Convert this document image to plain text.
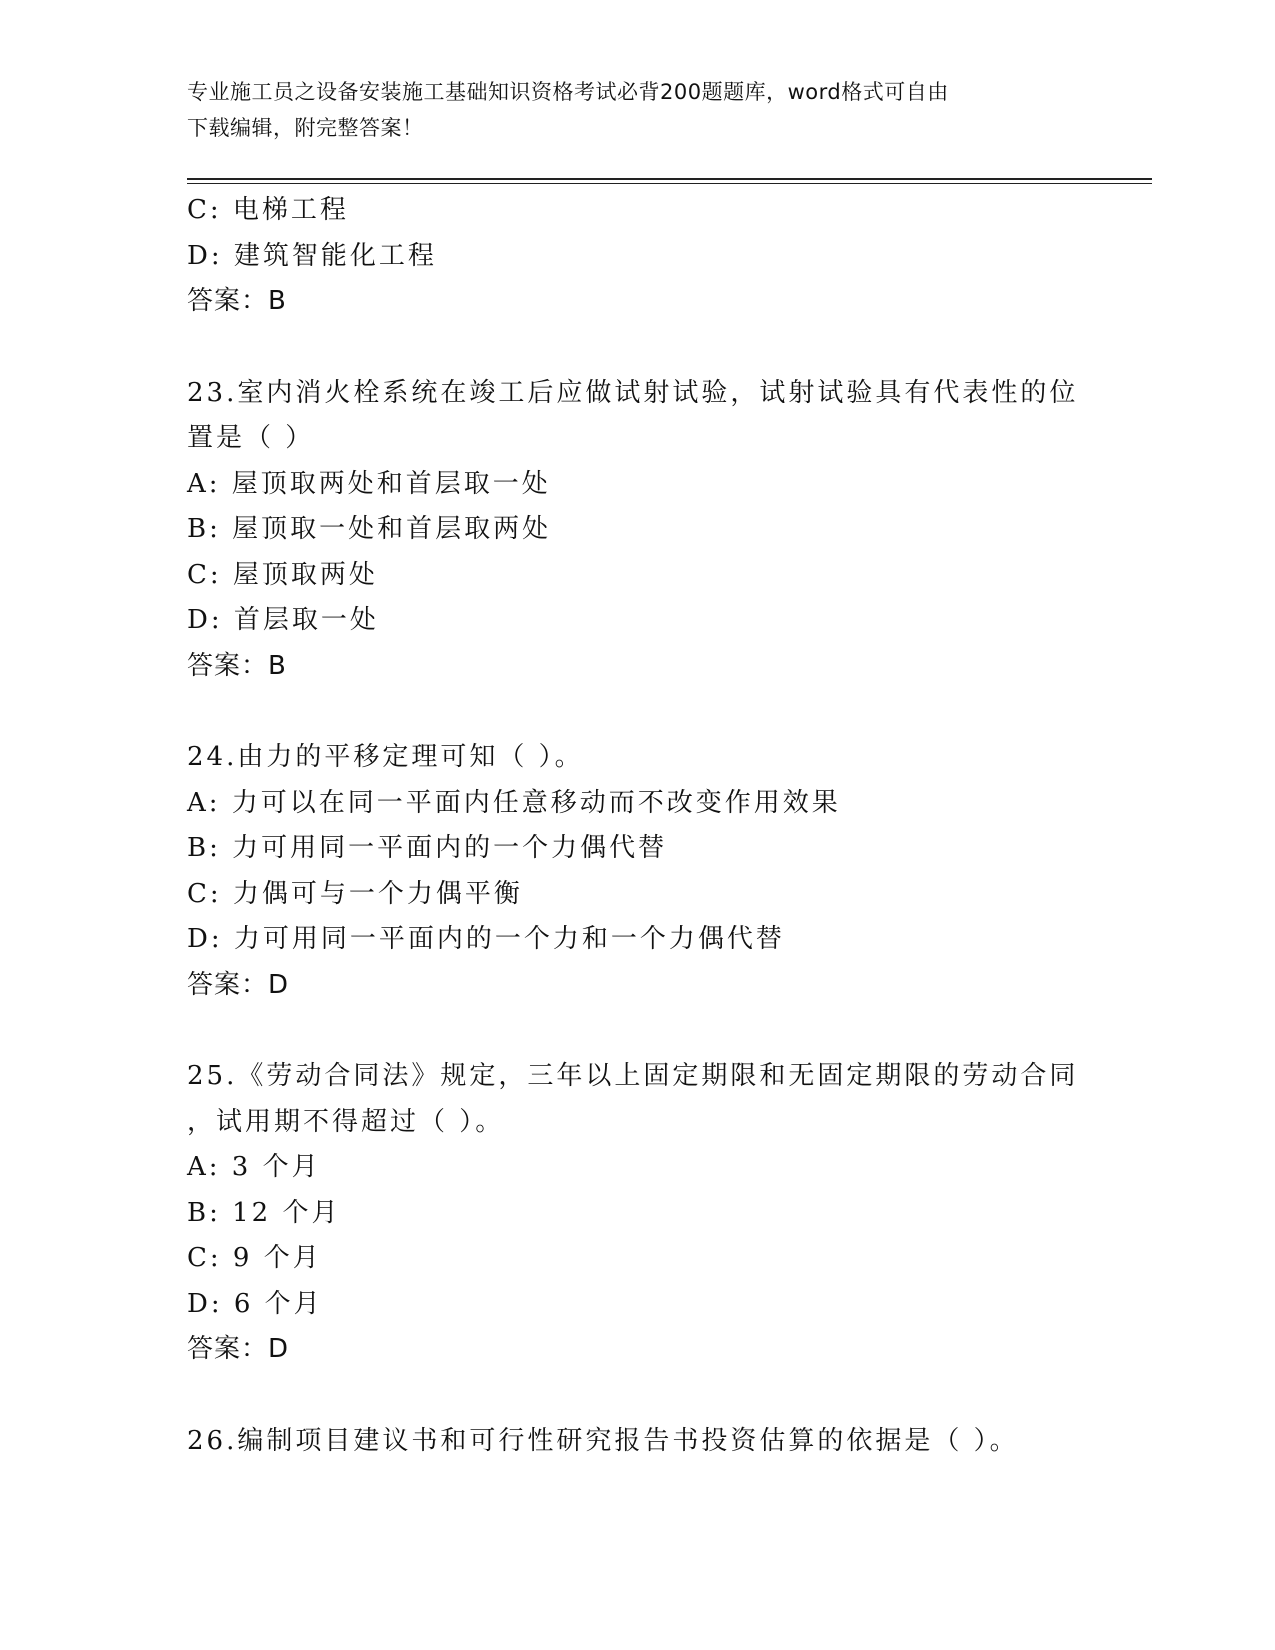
专业施工员之设备安装施工基础知识资格考试必背200题题库，word格式可自由
下载编辑，附完整答案！
C: 电梯工程
D: 建筑智能化工程
答案：B
23.室内消火栓系统在竣工后应做试射试验，试射试验具有代表性的位
置是（ ）
A: 屋顶取两处和首层取一处
B: 屋顶取一处和首层取两处
C: 屋顶取两处
D: 首层取一处
答案：B
24.由力的平移定理可知（ ）。
A: 力可以在同一平面内任意移动而不改变作用效果
B: 力可用同一平面内的一个力偶代替
C: 力偶可与一个力偶平衡
D: 力可用同一平面内的一个力和一个力偶代替
答案：D
25.《劳动合同法》规定，三年以上固定期限和无固定期限的劳动合同
，试用期不得超过（ ）。
A: 3 个月
B: 12 个月
C: 9 个月
D: 6 个月
答案：D
26.编制项目建议书和可行性研究报告书投资估算的依据是（ ）。
